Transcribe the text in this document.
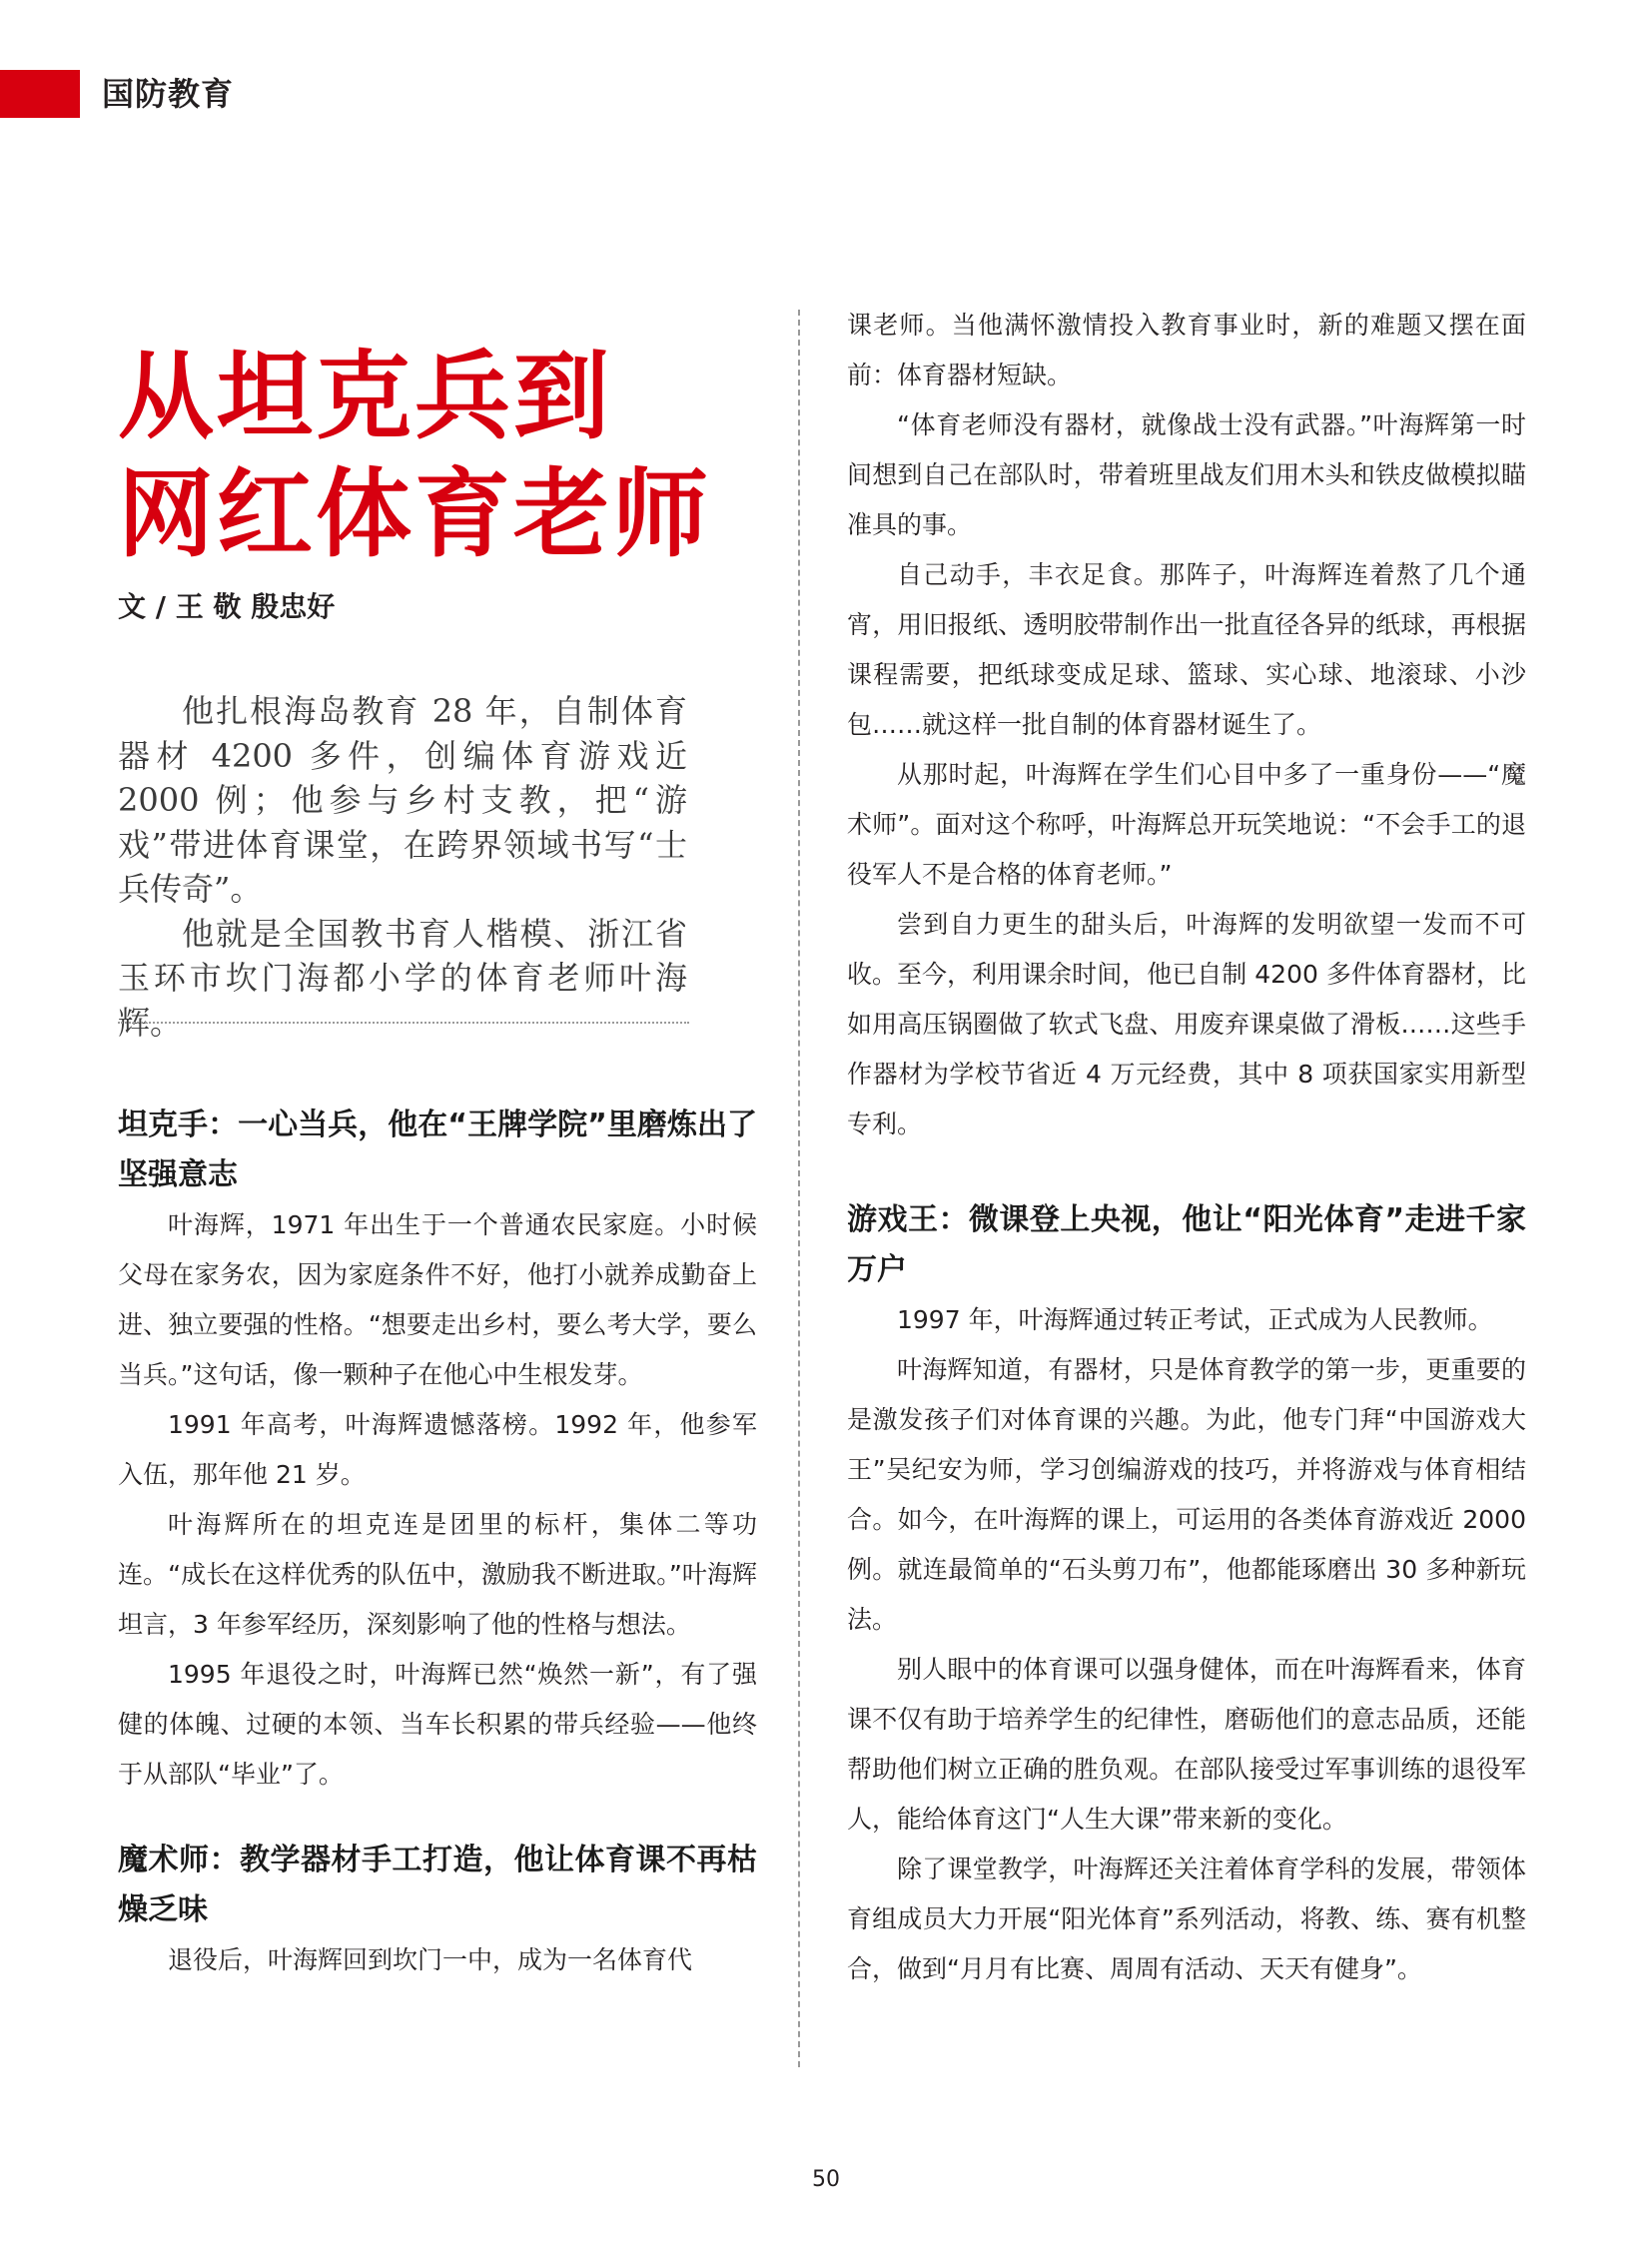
国防教育
从坦克兵到
网红体育老师
文 / 王 敬 殷忠好

他扎根海岛教育 28 年，自制体育器材 4200 多件，创编体育游戏近 2000 例；他参与乡村支教，把“游戏”带进体育课堂，在跨界领域书写“士兵传奇”。

他就是全国教书育人楷模、浙江省玉环市坎门海都小学的体育老师叶海辉。

坦克手：一心当兵，他在“王牌学院”里磨炼出了坚强意志

叶海辉，1971 年出生于一个普通农民家庭。小时候父母在家务农，因为家庭条件不好，他打小就养成勤奋上进、独立要强的性格。“想要走出乡村，要么考大学，要么当兵。”这句话，像一颗种子在他心中生根发芽。

1991 年高考，叶海辉遗憾落榜。1992 年，他参军入伍，那年他 21 岁。

叶海辉所在的坦克连是团里的标杆，集体二等功连。“成长在这样优秀的队伍中，激励我不断进取。”叶海辉坦言，3 年参军经历，深刻影响了他的性格与想法。

1995 年退役之时，叶海辉已然“焕然一新”，有了强健的体魄、过硬的本领、当车长积累的带兵经验——他终于从部队“毕业”了。

魔术师：教学器材手工打造，他让体育课不再枯燥乏味

退役后，叶海辉回到坎门一中，成为一名体育代

课老师。当他满怀激情投入教育事业时，新的难题又摆在面前：体育器材短缺。

“体育老师没有器材，就像战士没有武器。”叶海辉第一时间想到自己在部队时，带着班里战友们用木头和铁皮做模拟瞄准具的事。

自己动手，丰衣足食。那阵子，叶海辉连着熬了几个通宵，用旧报纸、透明胶带制作出一批直径各异的纸球，再根据课程需要，把纸球变成足球、篮球、实心球、地滚球、小沙包……就这样一批自制的体育器材诞生了。

从那时起，叶海辉在学生们心目中多了一重身份——“魔术师”。面对这个称呼，叶海辉总开玩笑地说：“不会手工的退役军人不是合格的体育老师。”

尝到自力更生的甜头后，叶海辉的发明欲望一发而不可收。至今，利用课余时间，他已自制 4200 多件体育器材，比如用高压锅圈做了软式飞盘、用废弃课桌做了滑板……这些手作器材为学校节省近 4 万元经费，其中 8 项获国家实用新型专利。

游戏王：微课登上央视，他让“阳光体育”走进千家万户

1997 年，叶海辉通过转正考试，正式成为人民教师。

叶海辉知道，有器材，只是体育教学的第一步，更重要的是激发孩子们对体育课的兴趣。为此，他专门拜“中国游戏大王”吴纪安为师，学习创编游戏的技巧，并将游戏与体育相结合。如今，在叶海辉的课上，可运用的各类体育游戏近 2000 例。就连最简单的“石头剪刀布”，他都能琢磨出 30 多种新玩法。

别人眼中的体育课可以强身健体，而在叶海辉看来，体育课不仅有助于培养学生的纪律性，磨砺他们的意志品质，还能帮助他们树立正确的胜负观。在部队接受过军事训练的退役军人，能给体育这门“人生大课”带来新的变化。

除了课堂教学，叶海辉还关注着体育学科的发展，带领体育组成员大力开展“阳光体育”系列活动，将教、练、赛有机整合，做到“月月有比赛、周周有活动、天天有健身”。

50
